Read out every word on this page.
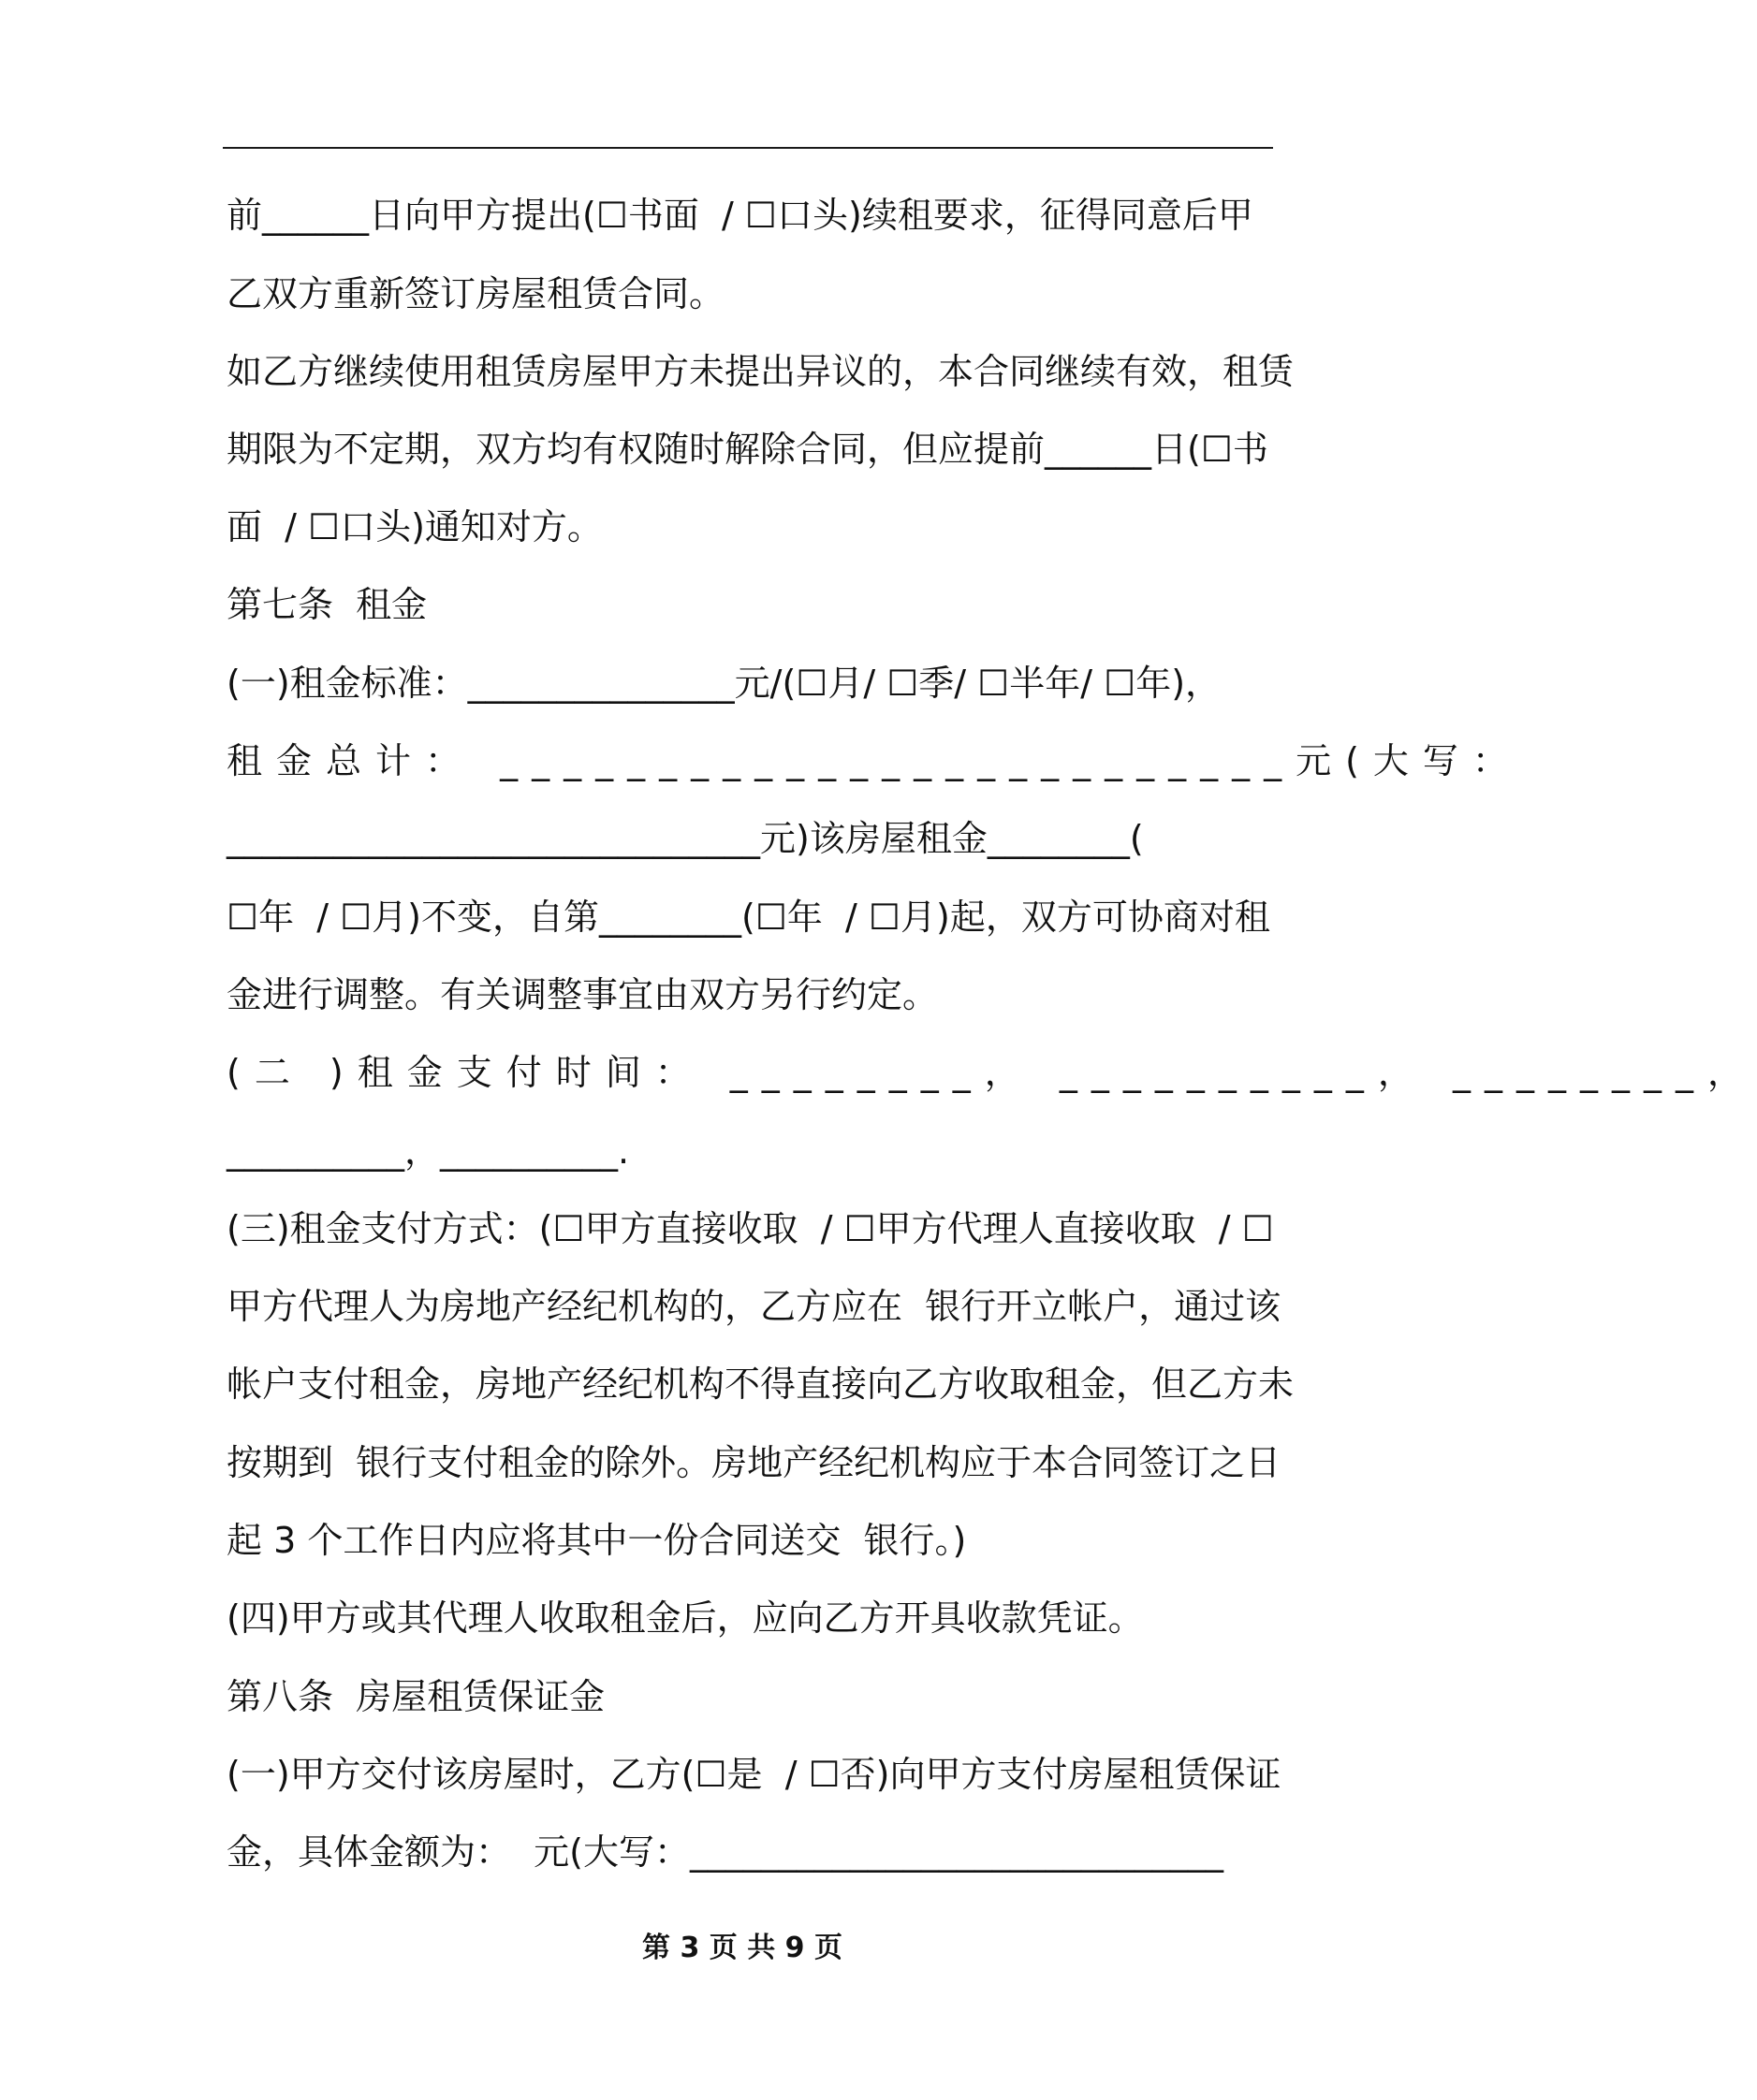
前______日向甲方提出(☐书面  / ☐口头)续租要求，征得同意后甲
乙双方重新签订房屋租赁合同。
如乙方继续使用租赁房屋甲方未提出异议的，本合同继续有效，租赁
期限为不定期，双方均有权随时解除合同，但应提前______日(☐书
面  / ☐口头)通知对方。
第七条  租金
(一)租金标准：_______________元/(☐月/ ☐季/ ☐半年/ ☐年)，
租金总计： _________________________元(大写：
______________________________元)该房屋租金________(
☐年  / ☐月)不变，自第________(☐年  / ☐月)起，双方可协商对租
金进行调整。有关调整事宜由双方另行约定。
(二 )租金支付时间： ________， __________， ________，
__________，__________.
(三)租金支付方式：(☐甲方直接收取  / ☐甲方代理人直接收取  / ☐
甲方代理人为房地产经纪机构的，乙方应在  银行开立帐户，通过该
帐户支付租金，房地产经纪机构不得直接向乙方收取租金，但乙方未
按期到  银行支付租金的除外。房地产经纪机构应于本合同签订之日
起 3 个工作日内应将其中一份合同送交  银行。)
(四)甲方或其代理人收取租金后，应向乙方开具收款凭证。
第八条  房屋租赁保证金
(一)甲方交付该房屋时，乙方(☐是  / ☐否)向甲方支付房屋租赁保证
金，具体金额为：  元(大写：______________________________
第 3 页 共 9 页
